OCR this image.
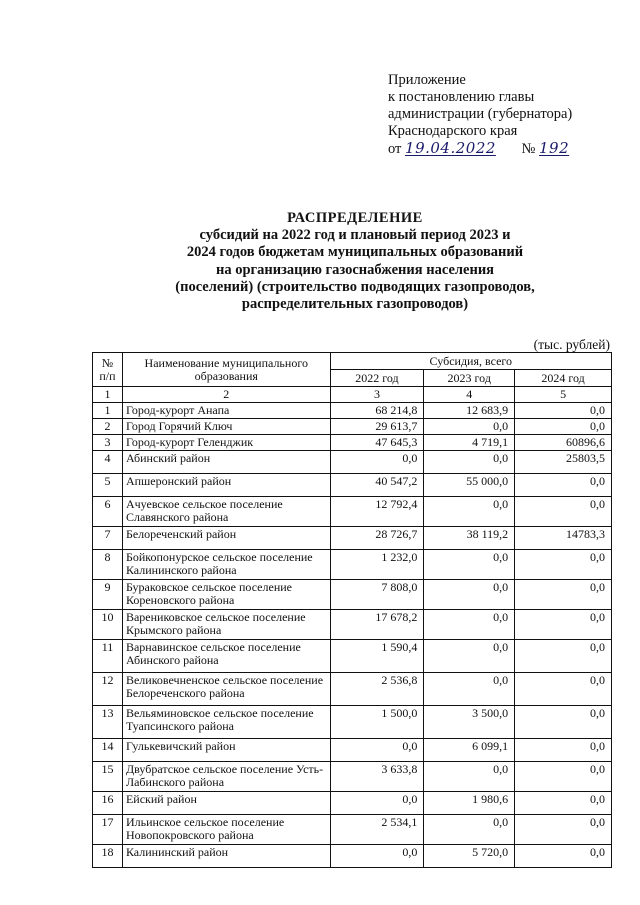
Приложение
к постановлению главы
администрации (губернатора)
Краснодарского края
от 19.04.2022 № 192
РАСПРЕДЕЛЕНИЕ
субсидий на 2022 год и плановый период 2023 и
2024 годов бюджетам муниципальных образований
на организацию газоснабжения населения
(поселений) (строительство подводящих газопроводов,
распределительных газопроводов)
(тыс. рублей)
№ п/п	Наименование муниципального образования	Субсидия, всего		
		2022 год	2023 год	2024 год
1	2	3	4	5
1	Город-курорт Анапа	68 214,8	12 683,9	0,0
2	Город Горячий Ключ	29 613,7	0,0	0,0
3	Город-курорт Геленджик	47 645,3	4 719,1	60896,6
4	Абинский район	0,0	0,0	25803,5
5	Апшеронский район	40 547,2	55 000,0	0,0
6	Ачуевское сельское поселение Славянского района	12 792,4	0,0	0,0
7	Белореченский район	28 726,7	38 119,2	14783,3
8	Бойкопонурское сельское поселение Калининского района	1 232,0	0,0	0,0
9	Бураковское сельское поселение Кореновского района	7 808,0	0,0	0,0
10	Варениковское сельское поселение Крымского района	17 678,2	0,0	0,0
11	Варнавинское сельское поселение Абинского района	1 590,4	0,0	0,0
12	Великовечненское сельское поселение Белореченского района	2 536,8	0,0	0,0
13	Вельяминовское сельское поселение Туапсинского района	1 500,0	3 500,0	0,0
14	Гулькевичский район	0,0	6 099,1	0,0
15	Двубратское сельское поселение Усть-Лабинского района	3 633,8	0,0	0,0
16	Ейский район	0,0	1 980,6	0,0
17	Ильинское сельское поселение Новопокровского района	2 534,1	0,0	0,0
18	Калининский район	0,0	5 720,0	0,0
